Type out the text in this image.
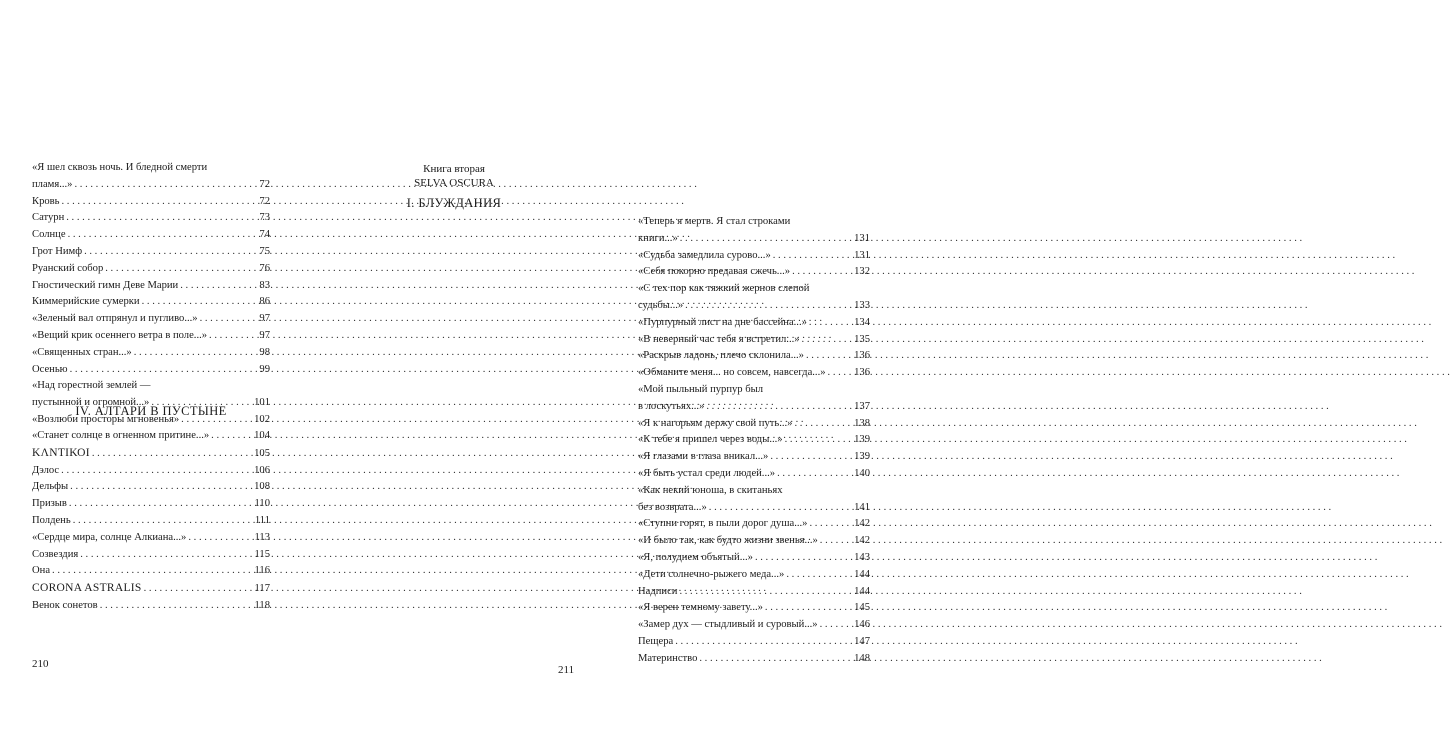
«Я шел сквозь ночь. И бледной смерти
пламя...» . . .	72
Кровь . . .	72
Сатурн . . .	73
Солнце . . .	74
Грот Нимф . . .	75
Руанский собор . . .	76
Гностический гимн Деве Марии . . .	83
Киммерийские сумерки . . .	86
«Зеленый вал отпрянул и пугливо...» . . .	97
«Вещий крик осеннего ветра в поле...» . . .	97
«Священных стран...» . . .	98
Осенью . . .	99
«Над горестной землей —
пустынной и огромной...» . . .	101
«Возлюби просторы мгновенья» . . .	102
IV. АЛТАРИ В ПУСТЫНЕ
«Станет солнце в огненном притине...» . . .	104
ΚΛΝΤΙΚΟΙ . . .	105
Дэлос . . .	106
Дельфы . . .	108
Призыв . . .	110
Полдень . . .	111
«Сердце мира, солнце Алкиана...» . . .	113
Созвездия . . .	115
Она . . .	116
CORONA ASTRALIS . . .	117
Венок сонетов . . .	118
210
Книга вторая
SELVA OSCURA
I. БЛУЖДАНИЯ
«Теперь я мертв. Я стал строками
книги...» . . .	131
«Судьба замедлила сурово...» . . .	131
«Себя покорно предавая сжечь...» . . .	132
«С тех пор как тяжкий жернов слепой
судьбы...» . . .	133
«Пурпурный лист на дне бассейна...» . . .	134
«В неверный час тебя я встретил...» . . .	135
«Раскрыв ладонь, плечо склонила...» . . .	136
«Обманите меня... но совсем, навсегда...» . . .	136
«Мой пыльный пурпур был
в лоскутьях...» . . .	137
«Я к нагорьям держу свой путь...» . . .	138
«К тебе я пришел через воды...» . . .	139
«Я глазами в глаза вникал...» . . .	139
«Я быть устал среди людей...» . . .	140
«Как некий юноша, в скитаньях
без возврата...» . . .	141
«Ступни горят, в пыли дорог душа...» . . .	142
«И было так, как будто жизни звенья...» . . .	142
«Я, полуднем объятый...» . . .	143
«Дети солнечно-рыжего меда...» . . .	144
Надписи . . .	144
«Я верен темному завету...» . . .	145
«Замер дух — стыдливый и суровый...» . . .	146
Пещера . . .	147
Материнство . . .	148
211
